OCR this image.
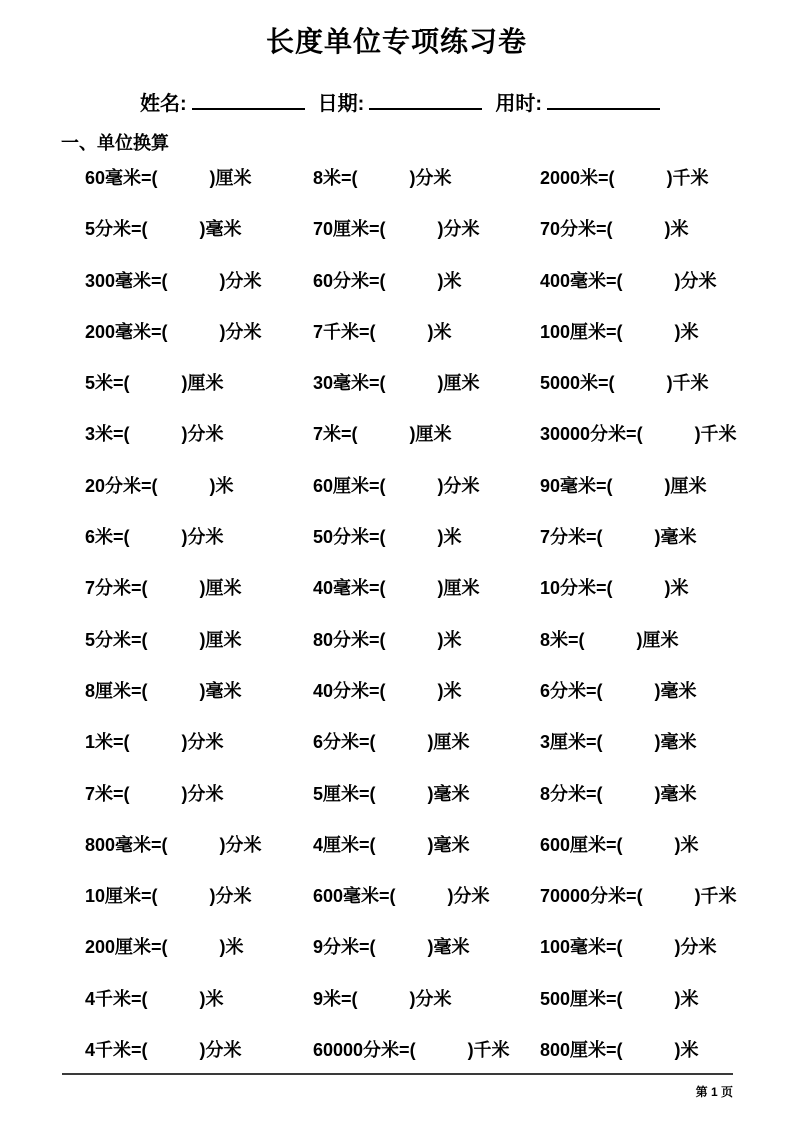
长度单位专项练习卷
姓名:	日期:	用时:
一、单位换算
60毫米=(	)厘米	8米=(	)分米	2000米=(	)千米
5分米=(	)毫米	70厘米=(	)分米	70分米=(	)米
300毫米=(	)分米	60分米=(	)米	400毫米=(	)分米
200毫米=(	)分米	7千米=(	)米	100厘米=(	)米
5米=(	)厘米	30毫米=(	)厘米	5000米=(	)千米
3米=(	)分米	7米=(	)厘米	30000分米=(	)千米
20分米=(	)米	60厘米=(	)分米	90毫米=(	)厘米
6米=(	)分米	50分米=(	)米	7分米=(	)毫米
7分米=(	)厘米	40毫米=(	)厘米	10分米=(	)米
5分米=(	)厘米	80分米=(	)米	8米=(	)厘米
8厘米=(	)毫米	40分米=(	)米	6分米=(	)毫米
1米=(	)分米	6分米=(	)厘米	3厘米=(	)毫米
7米=(	)分米	5厘米=(	)毫米	8分米=(	)毫米
800毫米=(	)分米	4厘米=(	)毫米	600厘米=(	)米
10厘米=(	)分米	600毫米=(	)分米	70000分米=(	)千米
200厘米=(	)米	9分米=(	)毫米	100毫米=(	)分米
4千米=(	)米	9米=(	)分米	500厘米=(	)米
4千米=(	)分米	60000分米=(	)千米	800厘米=(	)米
第 1 页
